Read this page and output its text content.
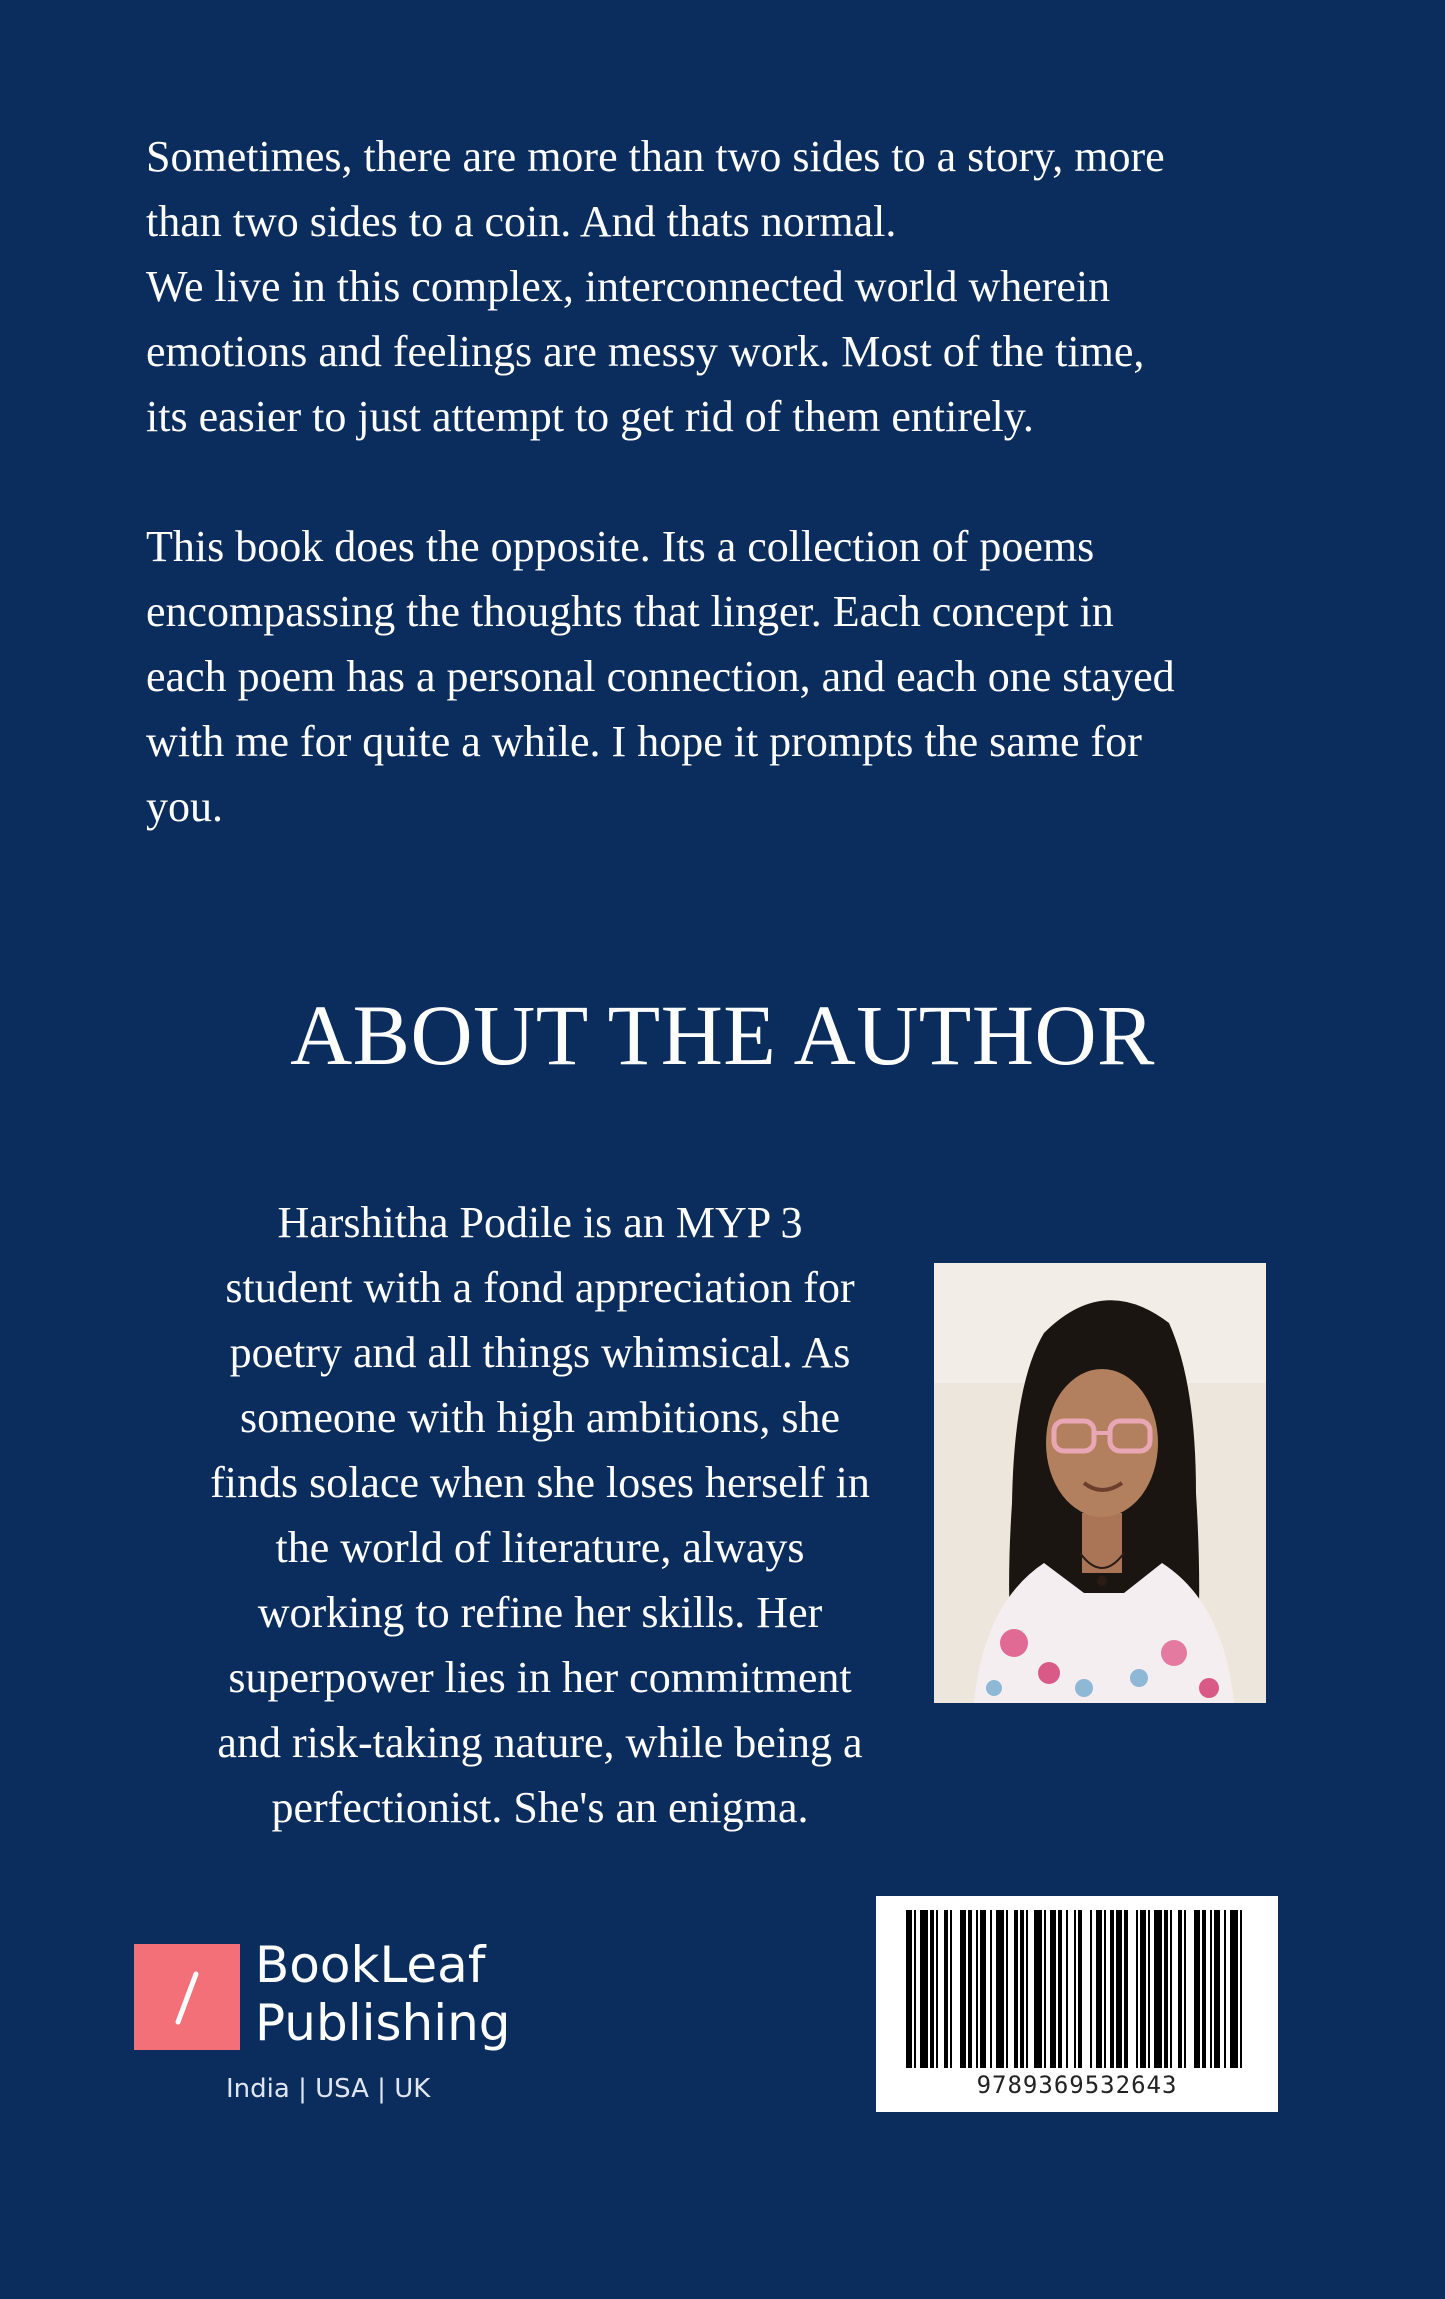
Sometimes, there are more than two sides to a story, more
than two sides to a coin. And thats normal.
We live in this complex, interconnected world wherein
emotions and feelings are messy work. Most of the time,
its easier to just attempt to get rid of them entirely.

This book does the opposite. Its a collection of poems
encompassing the thoughts that linger. Each concept in
each poem has a personal connection, and each one stayed
with me for quite a while. I hope it prompts the same for
you.

ABOUT THE AUTHOR
Harshitha Podile is an MYP 3
student with a fond appreciation for
poetry and all things whimsical. As
someone with high ambitions, she
finds solace when she loses herself in
the world of literature, always
working to refine her skills. Her
superpower lies in her commitment
and risk-taking nature, while being a
perfectionist. She's an enigma.
BookLeaf
Publishing
India | USA | UK	9789369532643
